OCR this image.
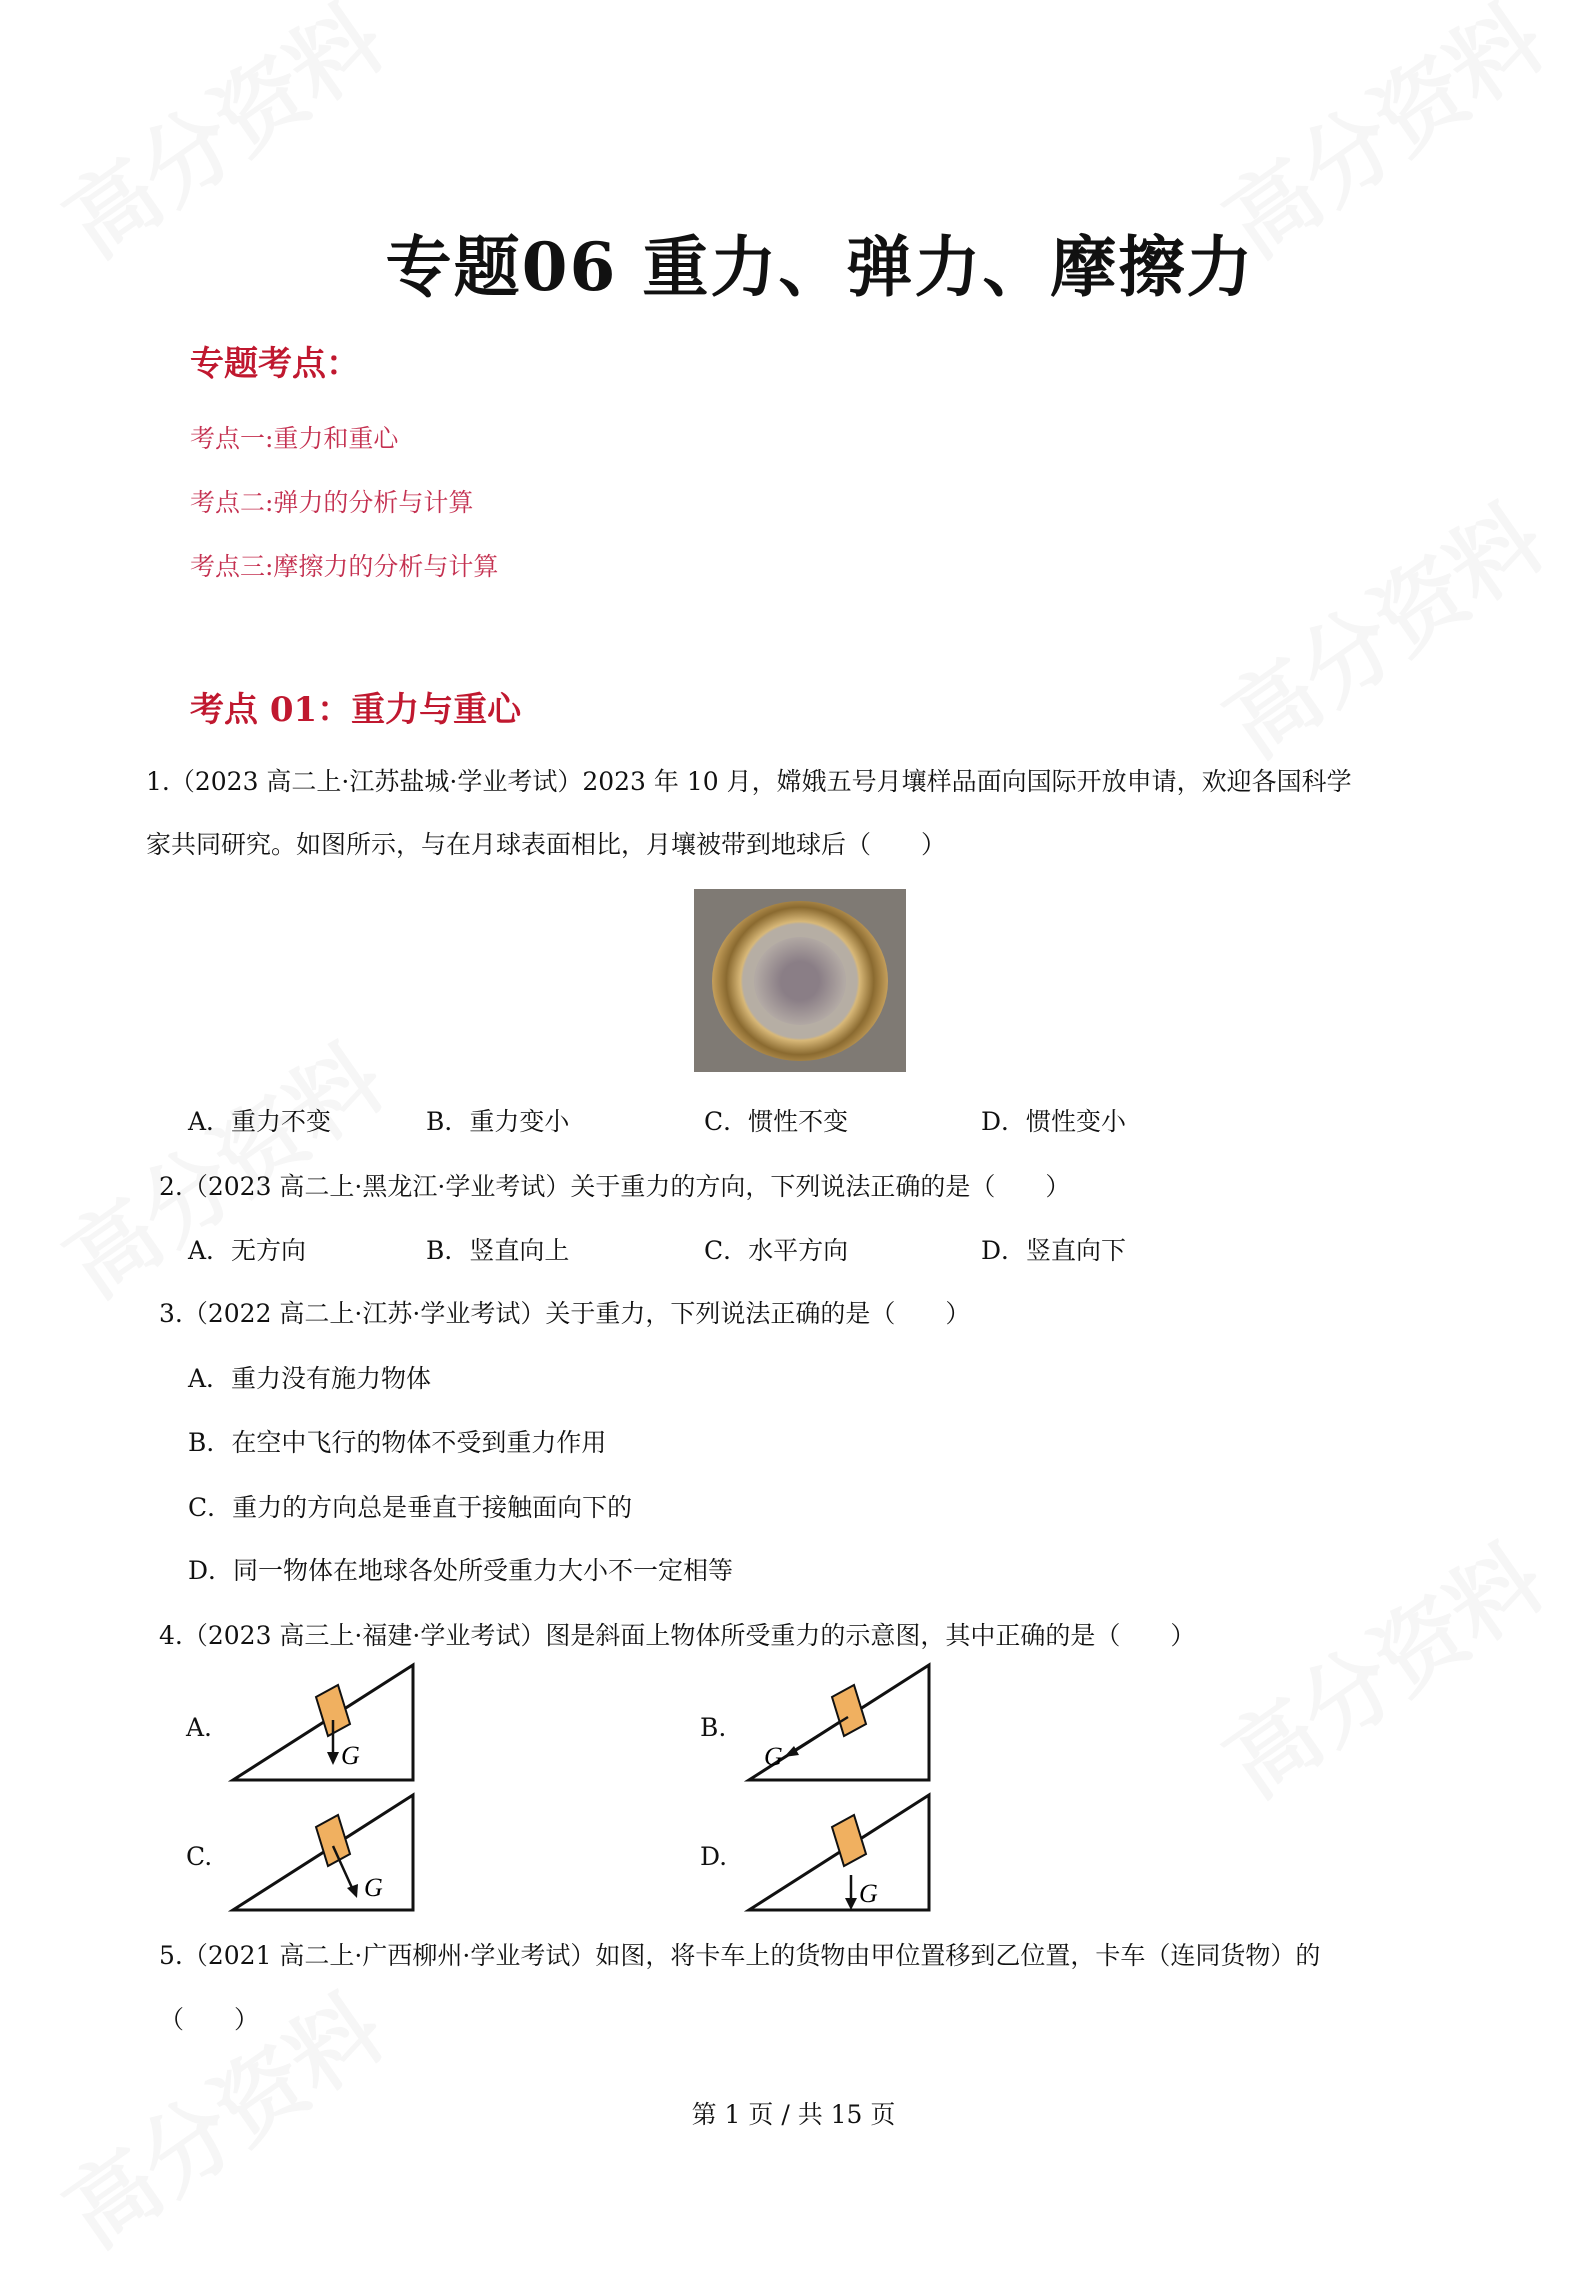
专题06 重力、弹力、摩擦力
专题考点：
考点一:重力和重心
考点二:弹力的分析与计算
考点三:摩擦力的分析与计算
考点 01：重力与重心
1.（2023 高二上·江苏盐城·学业考试）2023 年 10 月，嫦娥五号月壤样品面向国际开放申请，欢迎各国科学
家共同研究。如图所示，与在月球表面相比，月壤被带到地球后（　　）
A．重力不变	B．重力变小	C．惯性不变	D．惯性变小
2.（2023 高二上·黑龙江·学业考试）关于重力的方向，下列说法正确的是（　　）
A．无方向	B．竖直向上	C．水平方向	D．竖直向下
3.（2022 高二上·江苏·学业考试）关于重力，下列说法正确的是（　　）
A．重力没有施力物体
B．在空中飞行的物体不受到重力作用
C．重力的方向总是垂直于接触面向下的
D．同一物体在地球各处所受重力大小不一定相等
4.（2023 高三上·福建·学业考试）图是斜面上物体所受重力的示意图，其中正确的是（　　）
A.
G
B.
G
C.
G
D.
G
5.（2021 高二上·广西柳州·学业考试）如图，将卡车上的货物由甲位置移到乙位置，卡车（连同货物）的
（　　）
第 1 页 / 共 15 页
